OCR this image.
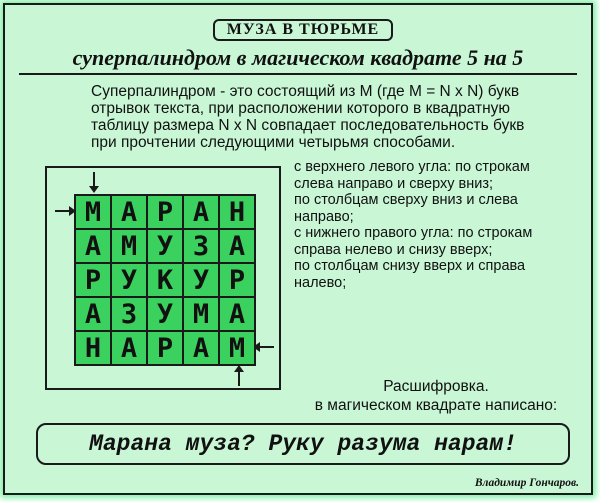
МУЗА В ТЮРЬМЕ
суперпалиндром в магическом квадрате 5 на 5
Суперпалиндром - это состоящий из M (где M = N x N) букв
отрывок текста, при расположении которого в квадратную
таблицу размера N x N совпадает последовательность букв
при прочтении следующими четырьмя способами.
с верхнего левого угла: по строкам
слева направо и сверху вниз;
по столбцам сверху вниз и слева
направо;
с нижнего правого угла: по строкам
справа нелево и снизу вверх;
по столбцам снизу вверх и справа
налево;
М А Р А Н
А М У З А
Р У К У Р
А З У М А
Н А Р А М
Расшифровка.
в магическом квадрате написано:
Марана муза? Руку разума нарам!
Владимир Гончаров.
